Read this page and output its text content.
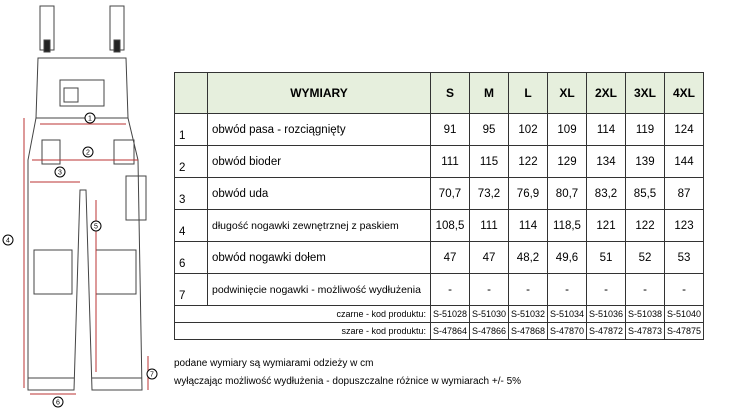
1
2
3
4
5
6
7
	WYMIARY	S	M	L	XL	2XL	3XL	4XL
1	obwód pasa - rozciągnięty	91	95	102	109	114	119	124
2	obwód bioder	111	115	122	129	134	139	144
3	obwód uda	70,7	73,2	76,9	80,7	83,2	85,5	87
4	długość nogawki zewnętrznej z paskiem	108,5	111	114	118,5	121	122	123
6	obwód nogawki dołem	47	47	48,2	49,6	51	52	53
7	podwinięcie nogawki - możliwość wydłużenia	-	-	-	-	-	-	-
czarne - kod produktu:		S-51028	S-51030	S-51032	S-51034	S-51036	S-51038	S-51040
szare - kod produktu:		S-47864	S-47866	S-47868	S-47870	S-47872	S-47873	S-47875
podane wymiary są wymiarami odzieży w cm
wyłączając możliwość wydłużenia - dopuszczalne różnice w wymiarach +/- 5%
